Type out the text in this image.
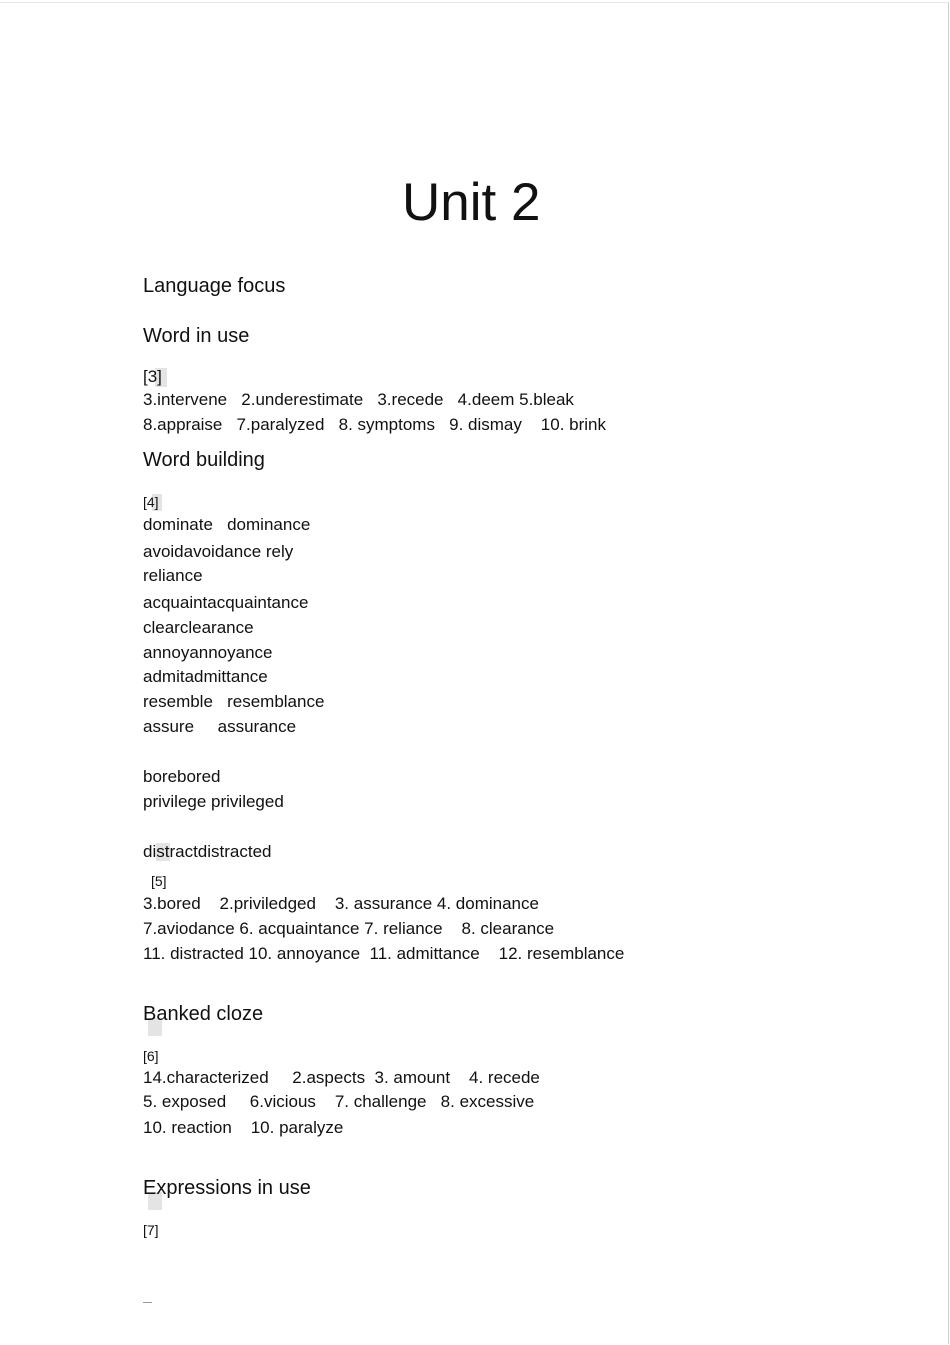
Unit 2
Language focus
Word in use
[3]
3.intervene   2.underestimate   3.recede   4.deem 5.bleak
8.appraise   7.paralyzed   8. symptoms   9. dismay    10. brink
Word building
[4]
dominate   dominance
avoidavoidance rely
reliance
acquaintacquaintance
clearclearance
annoyannoyance
admitadmittance
resemble   resemblance
assure     assurance
borebored
privilege privileged
distractdistracted
[5]
3.bored    2.priviledged    3. assurance 4. dominance
7.aviodance 6. acquaintance 7. reliance    8. clearance
11. distracted 10. annoyance  11. admittance    12. resemblance
Banked cloze
[6]
14.characterized     2.aspects  3. amount    4. recede
5. exposed     6.vicious    7. challenge   8. excessive
10. reaction    10. paralyze
Expressions in use
[7]
